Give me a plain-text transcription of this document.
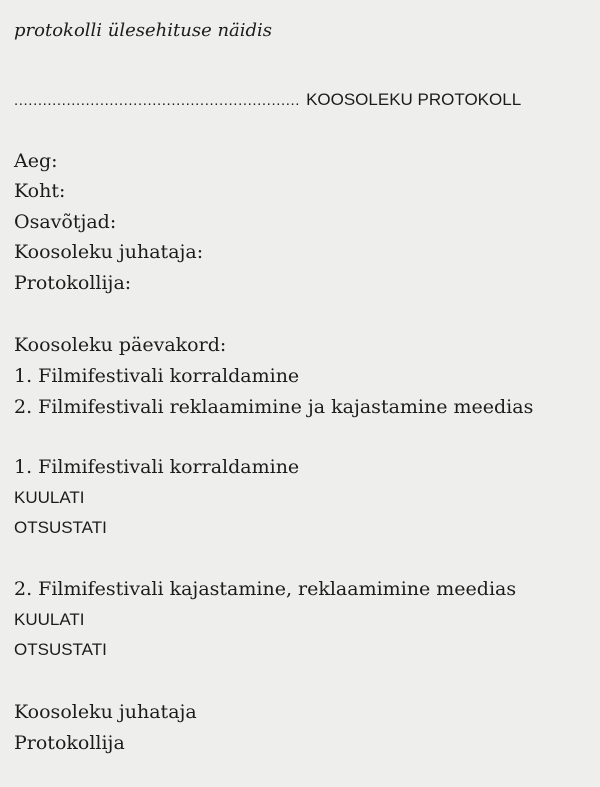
protokolli ülesehituse näidis
............................................................ KOOSOLEKU PROTOKOLL
Aeg:
Koht:
Osavõtjad:
Koosoleku juhataja:
Protokollija:
Koosoleku päevakord:
1. Filmifestivali korraldamine
2. Filmifestivali reklaamimine ja kajastamine meedias
1. Filmifestivali korraldamine
KUULATI
OTSUSTATI
2. Filmifestivali kajastamine, reklaamimine meedias
KUULATI
OTSUSTATI
Koosoleku juhataja
Protokollija
